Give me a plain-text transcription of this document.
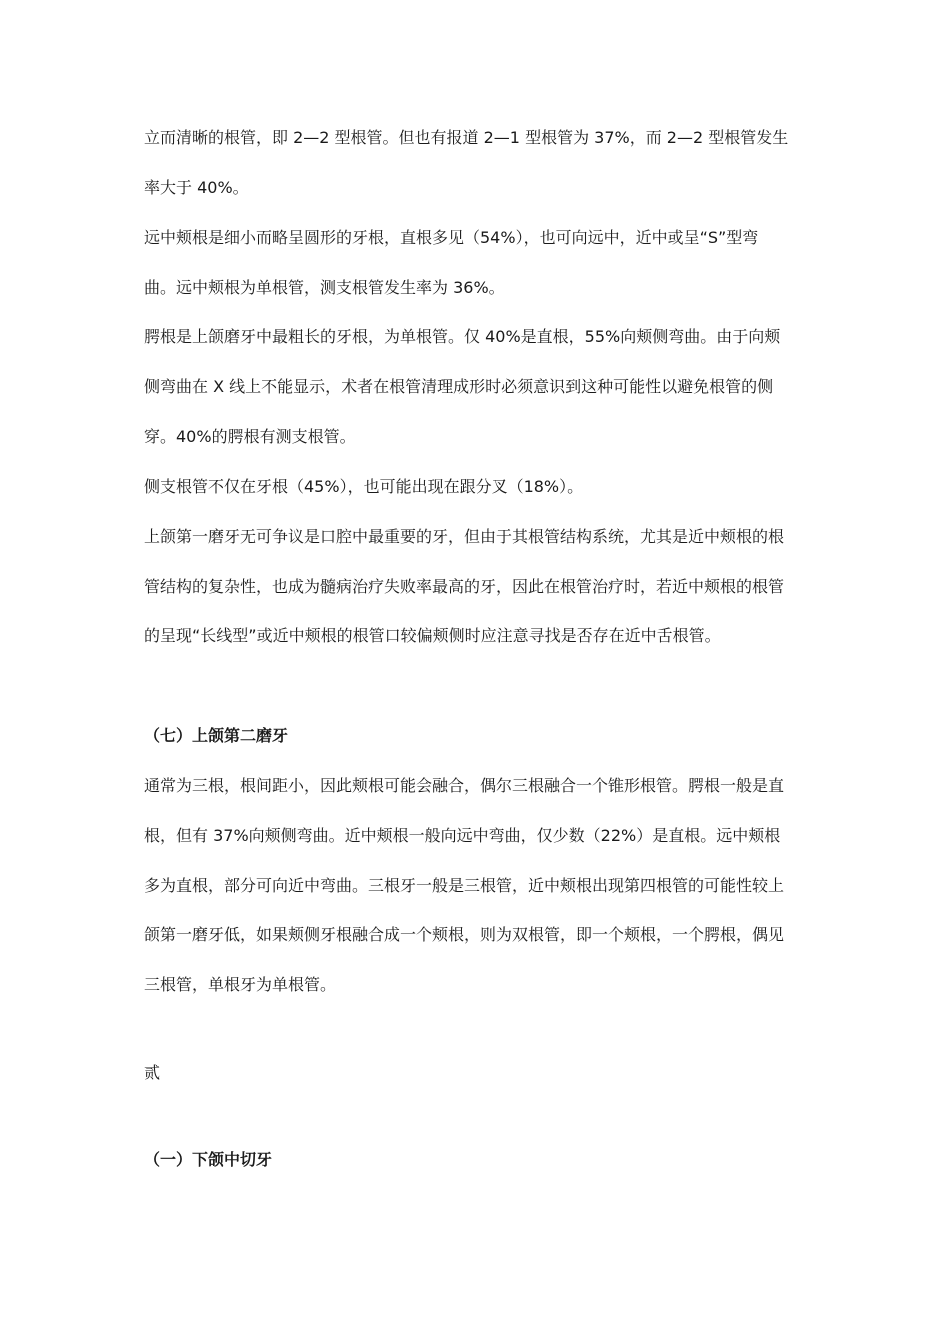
立而清晰的根管，即 2—2 型根管。但也有报道 2—1 型根管为 37%，而 2—2 型根管发生
率大于 40%。
远中颊根是细小而略呈圆形的牙根，直根多见（54%），也可向远中，近中或呈“S”型弯
曲。远中颊根为单根管，测支根管发生率为 36%。
腭根是上颌磨牙中最粗长的牙根，为单根管。仅 40%是直根，55%向颊侧弯曲。由于向颊
侧弯曲在 X 线上不能显示，术者在根管清理成形时必须意识到这种可能性以避免根管的侧
穿。40%的腭根有测支根管。
侧支根管不仅在牙根（45%），也可能出现在跟分叉（18%）。
上颌第一磨牙无可争议是口腔中最重要的牙，但由于其根管结构系统，尤其是近中颊根的根
管结构的复杂性，也成为髓病治疗失败率最高的牙，因此在根管治疗时，若近中颊根的根管
的呈现“长线型”或近中颊根的根管口较偏颊侧时应注意寻找是否存在近中舌根管。
（七）上颌第二磨牙
通常为三根，根间距小，因此颊根可能会融合，偶尔三根融合一个锥形根管。腭根一般是直
根，但有 37%向颊侧弯曲。近中颊根一般向远中弯曲，仅少数（22%）是直根。远中颊根
多为直根，部分可向近中弯曲。三根牙一般是三根管，近中颊根出现第四根管的可能性较上
颌第一磨牙低，如果颊侧牙根融合成一个颊根，则为双根管，即一个颊根，一个腭根，偶见
三根管，单根牙为单根管。
贰
（一）下颌中切牙
